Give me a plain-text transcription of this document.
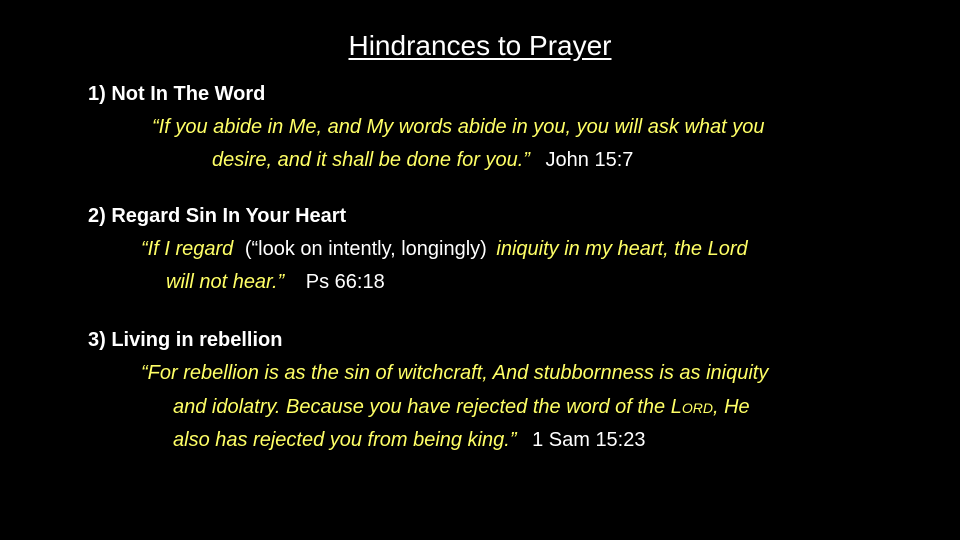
Hindrances to Prayer
1) Not In The Word
“If you abide in Me, and My words abide in you, you will ask what you
desire, and it shall be done for you.” John 15:7
2) Regard Sin In Your Heart
“If I regard (“look on intently, longingly) iniquity in my heart, the Lord
will not hear.” Ps 66:18
3) Living in rebellion
“For rebellion is as the sin of witchcraft, And stubbornness is as iniquity
and idolatry. Because you have rejected the word of the Lord, He
also has rejected you from being king.” 1 Sam 15:23
